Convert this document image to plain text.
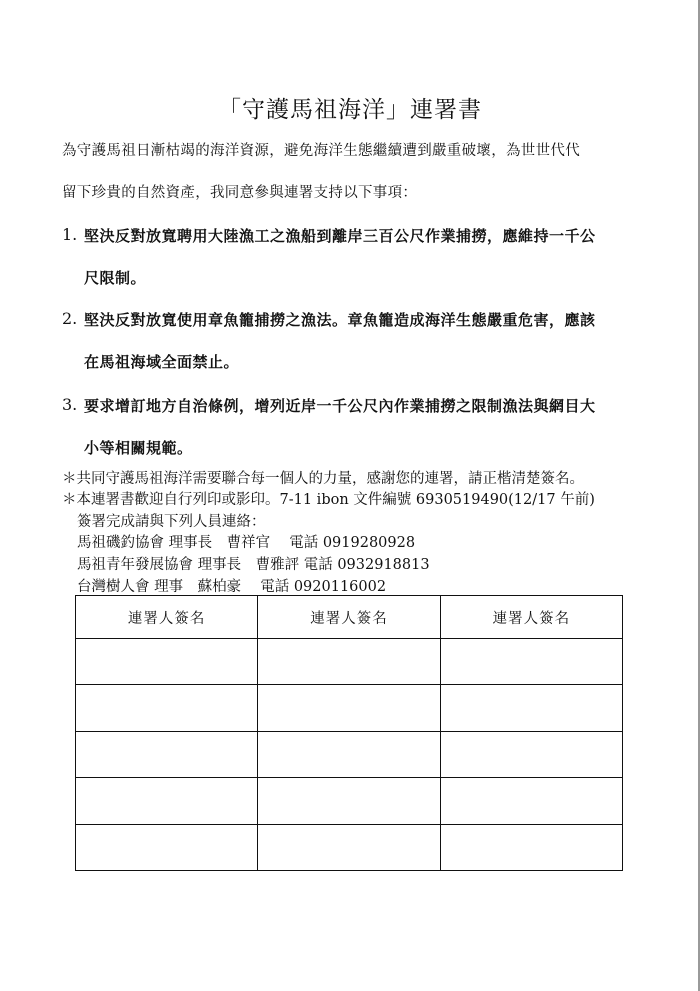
「守護馬祖海洋」連署書
為守護馬祖日漸枯竭的海洋資源，避免海洋生態繼續遭到嚴重破壞，為世世代代
留下珍貴的自然資產，我同意參與連署支持以下事項：
1. 堅決反對放寬聘用大陸漁工之漁船到離岸三百公尺作業捕撈，應維持一千公
尺限制。
2. 堅決反對放寬使用章魚籠捕撈之漁法。章魚籠造成海洋生態嚴重危害，應該
在馬祖海域全面禁止。
3. 要求增訂地方自治條例，增列近岸一千公尺內作業捕撈之限制漁法與網目大
小等相關規範。
＊共同守護馬祖海洋需要聯合每一個人的力量，感謝您的連署，請正楷清楚簽名。
＊本連署書歡迎自行列印或影印。7-11 ibon 文件編號 6930519490(12/17 午前)
簽署完成請與下列人員連絡：
馬祖磯釣協會 理事長　曹祥官　 電話 0919280928
馬祖青年發展協會 理事長　曹雅評 電話 0932918813
台灣樹人會 理事　蘇柏豪　 電話 0920116002
連署人簽名	連署人簽名	連署人簽名
